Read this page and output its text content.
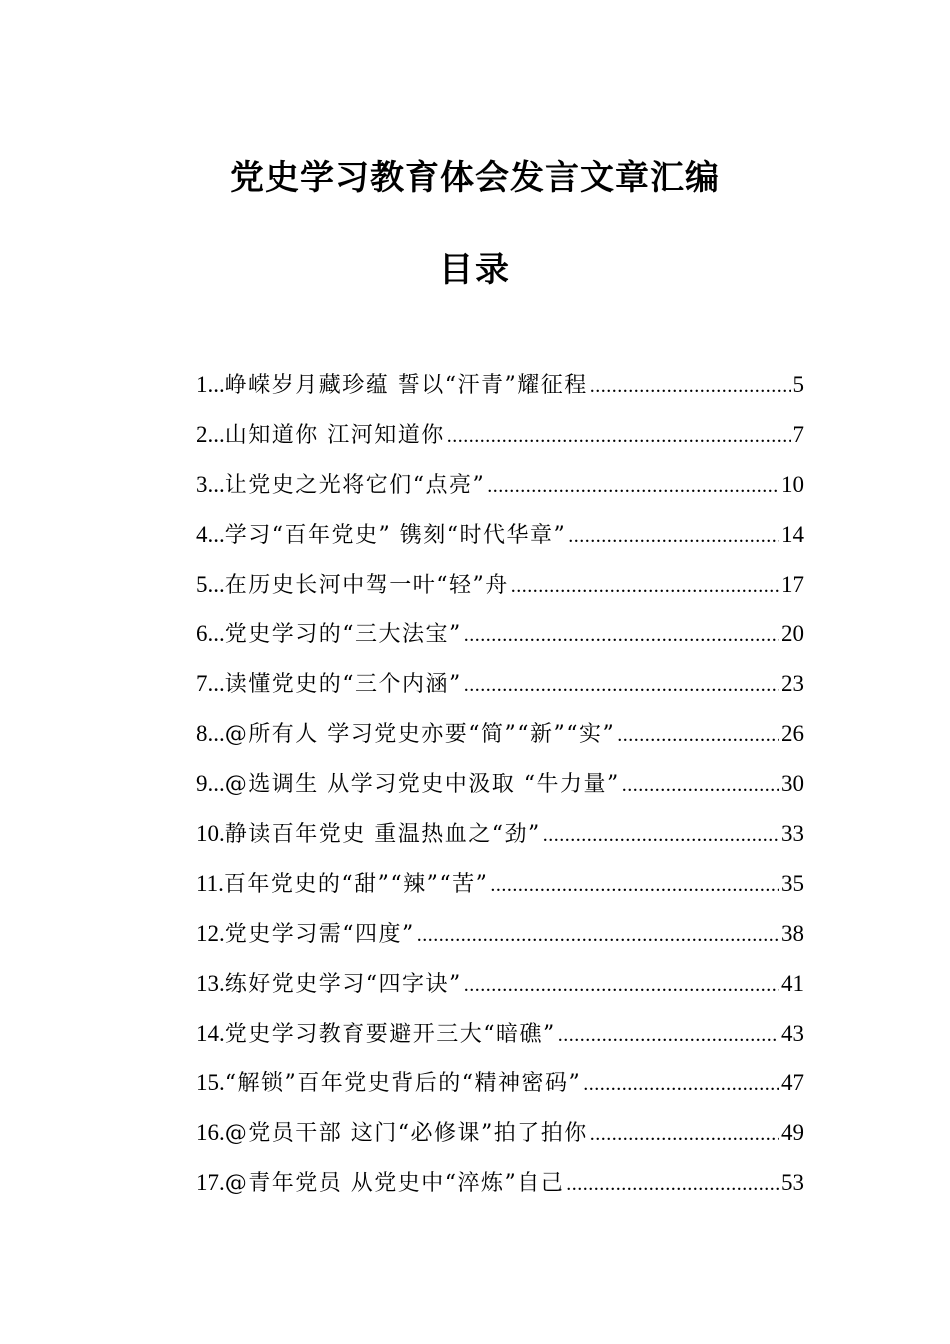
党史学习教育体会发言文章汇编
目录
1... 峥嵘岁月藏珍蕴 誓以“汗青”耀征程 .....	5
2... 山知道你 江河知道你 .....	7
3... 让党史之光将它们“点亮” .....	10
4... 学习“百年党史” 镌刻“时代华章” .....	14
5... 在历史长河中驾一叶“轻”舟 .....	17
6... 党史学习的“三大法宝” .....	20
7... 读懂党史的“三个内涵” .....	23
8... @所有人 学习党史亦要“简”“新”“实” .....	26
9... @选调生 从学习党史中汲取 “牛力量” .....	30
10. 静读百年党史 重温热血之“劲” .....	33
11. 百年党史的“甜”“辣”“苦” .....	35
12. 党史学习需“四度” .....	38
13. 练好党史学习“四字诀” .....	41
14. 党史学习教育要避开三大“暗礁” .....	43
15. “解锁”百年党史背后的“精神密码” .....	47
16. @党员干部 这门“必修课”拍了拍你 .....	49
17. @青年党员 从党史中“淬炼”自己 .....	53
